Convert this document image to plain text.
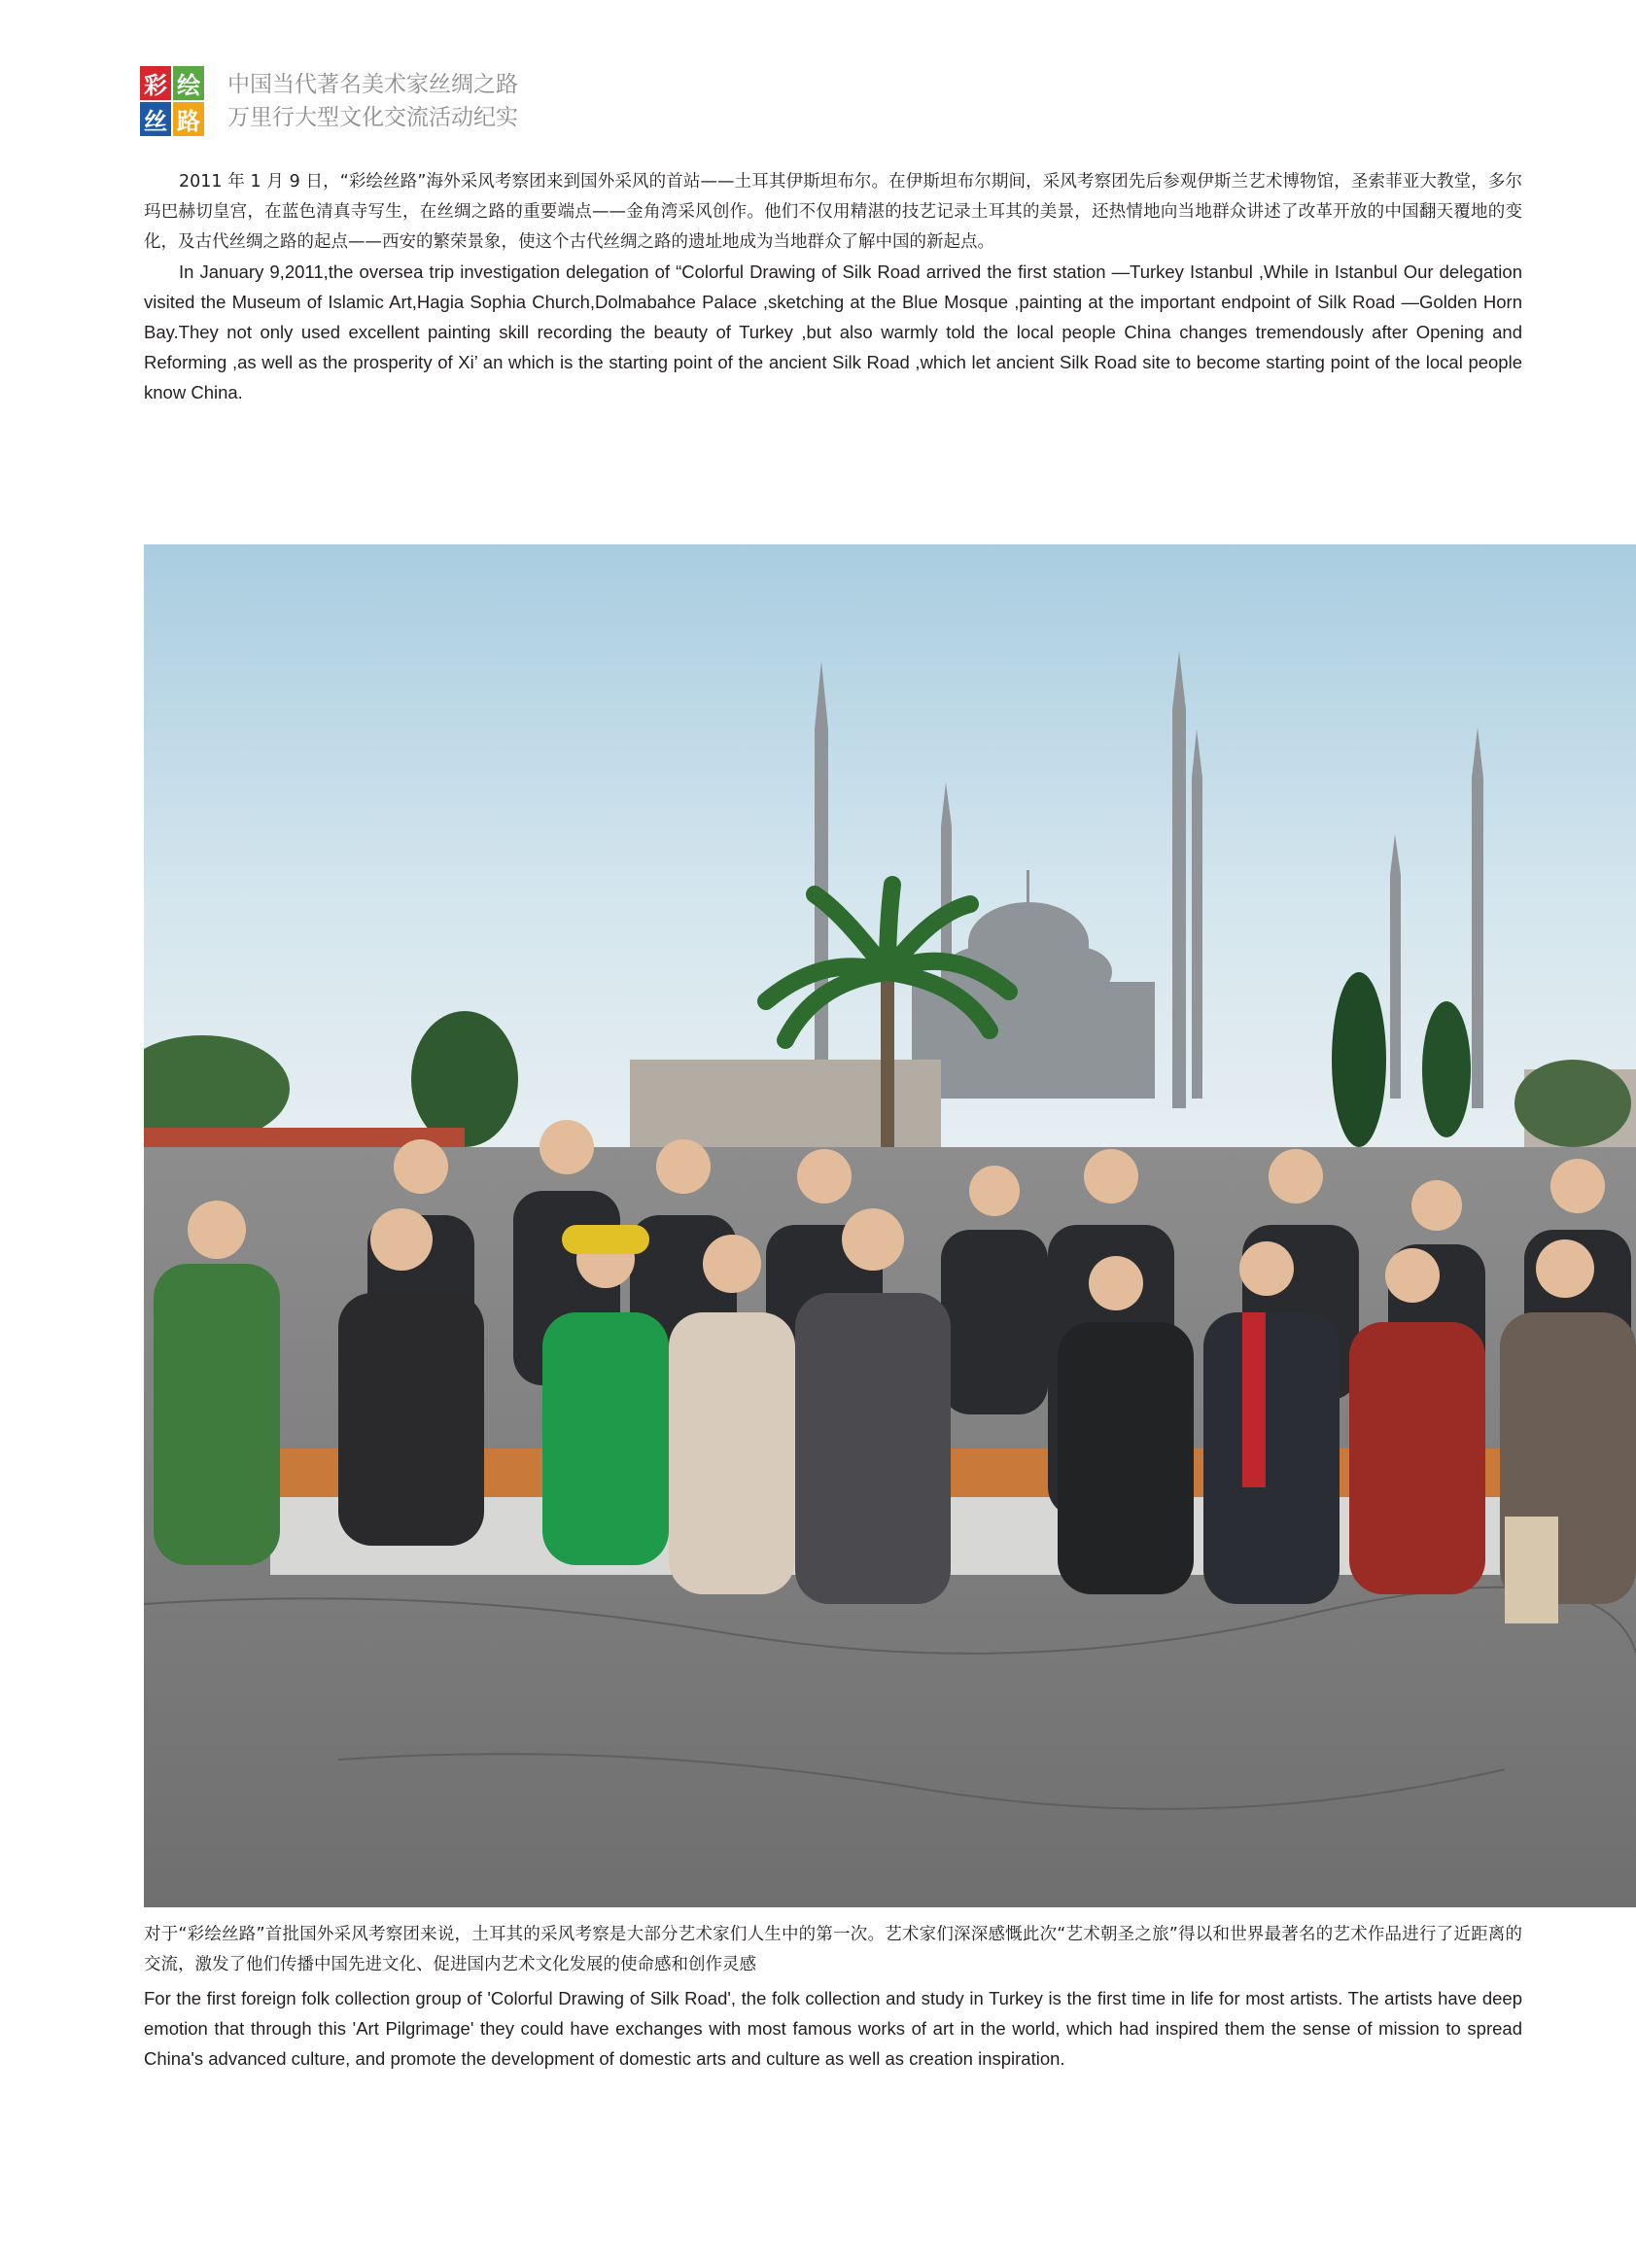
彩 绘
丝 路
中国当代著名美术家丝绸之路
万里行大型文化交流活动纪实

2011 年 1 月 9 日，“彩绘丝路”海外采风考察团来到国外采风的首站——土耳其伊斯坦布尔。在伊斯坦布尔期间，采风考察团先后参观伊斯兰艺术博物馆，圣索菲亚大教堂，多尔玛巴赫切皇宫，在蓝色清真寺写生，在丝绸之路的重要端点——金角湾采风创作。他们不仅用精湛的技艺记录土耳其的美景，还热情地向当地群众讲述了改革开放的中国翻天覆地的变化，及古代丝绸之路的起点——西安的繁荣景象，使这个古代丝绸之路的遗址地成为当地群众了解中国的新起点。

In January 9,2011,the oversea trip investigation delegation of “Colorful Drawing of Silk Road arrived the first station —Turkey Istanbul ,While in Istanbul Our delegation visited the Museum of Islamic Art,Hagia Sophia Church,Dolmabahce Palace ,sketching at the Blue Mosque ,painting at the important endpoint of Silk Road —Golden Horn Bay.They not only used excellent painting skill recording the beauty of Turkey ,but also warmly told the local people China changes tremendously after Opening and Reforming ,as well as the prosperity of Xi’ an which is the starting point of the ancient Silk Road ,which let ancient Silk Road site to become starting point of the local people know China.

对于“彩绘丝路”首批国外采风考察团来说，土耳其的采风考察是大部分艺术家们人生中的第一次。艺术家们深深感慨此次“艺术朝圣之旅”得以和世界最著名的艺术作品进行了近距离的交流，激发了他们传播中国先进文化、促进国内艺术文化发展的使命感和创作灵感

For the first foreign folk collection group of 'Colorful Drawing of Silk Road', the folk collection and study in Turkey is the first time in life for most artists. The artists have deep emotion that through this 'Art Pilgrimage' they could have exchanges with most famous works of art in the world, which had inspired them the sense of mission to spread China's advanced culture, and promote the development of domestic arts and culture as well as creation inspiration.
